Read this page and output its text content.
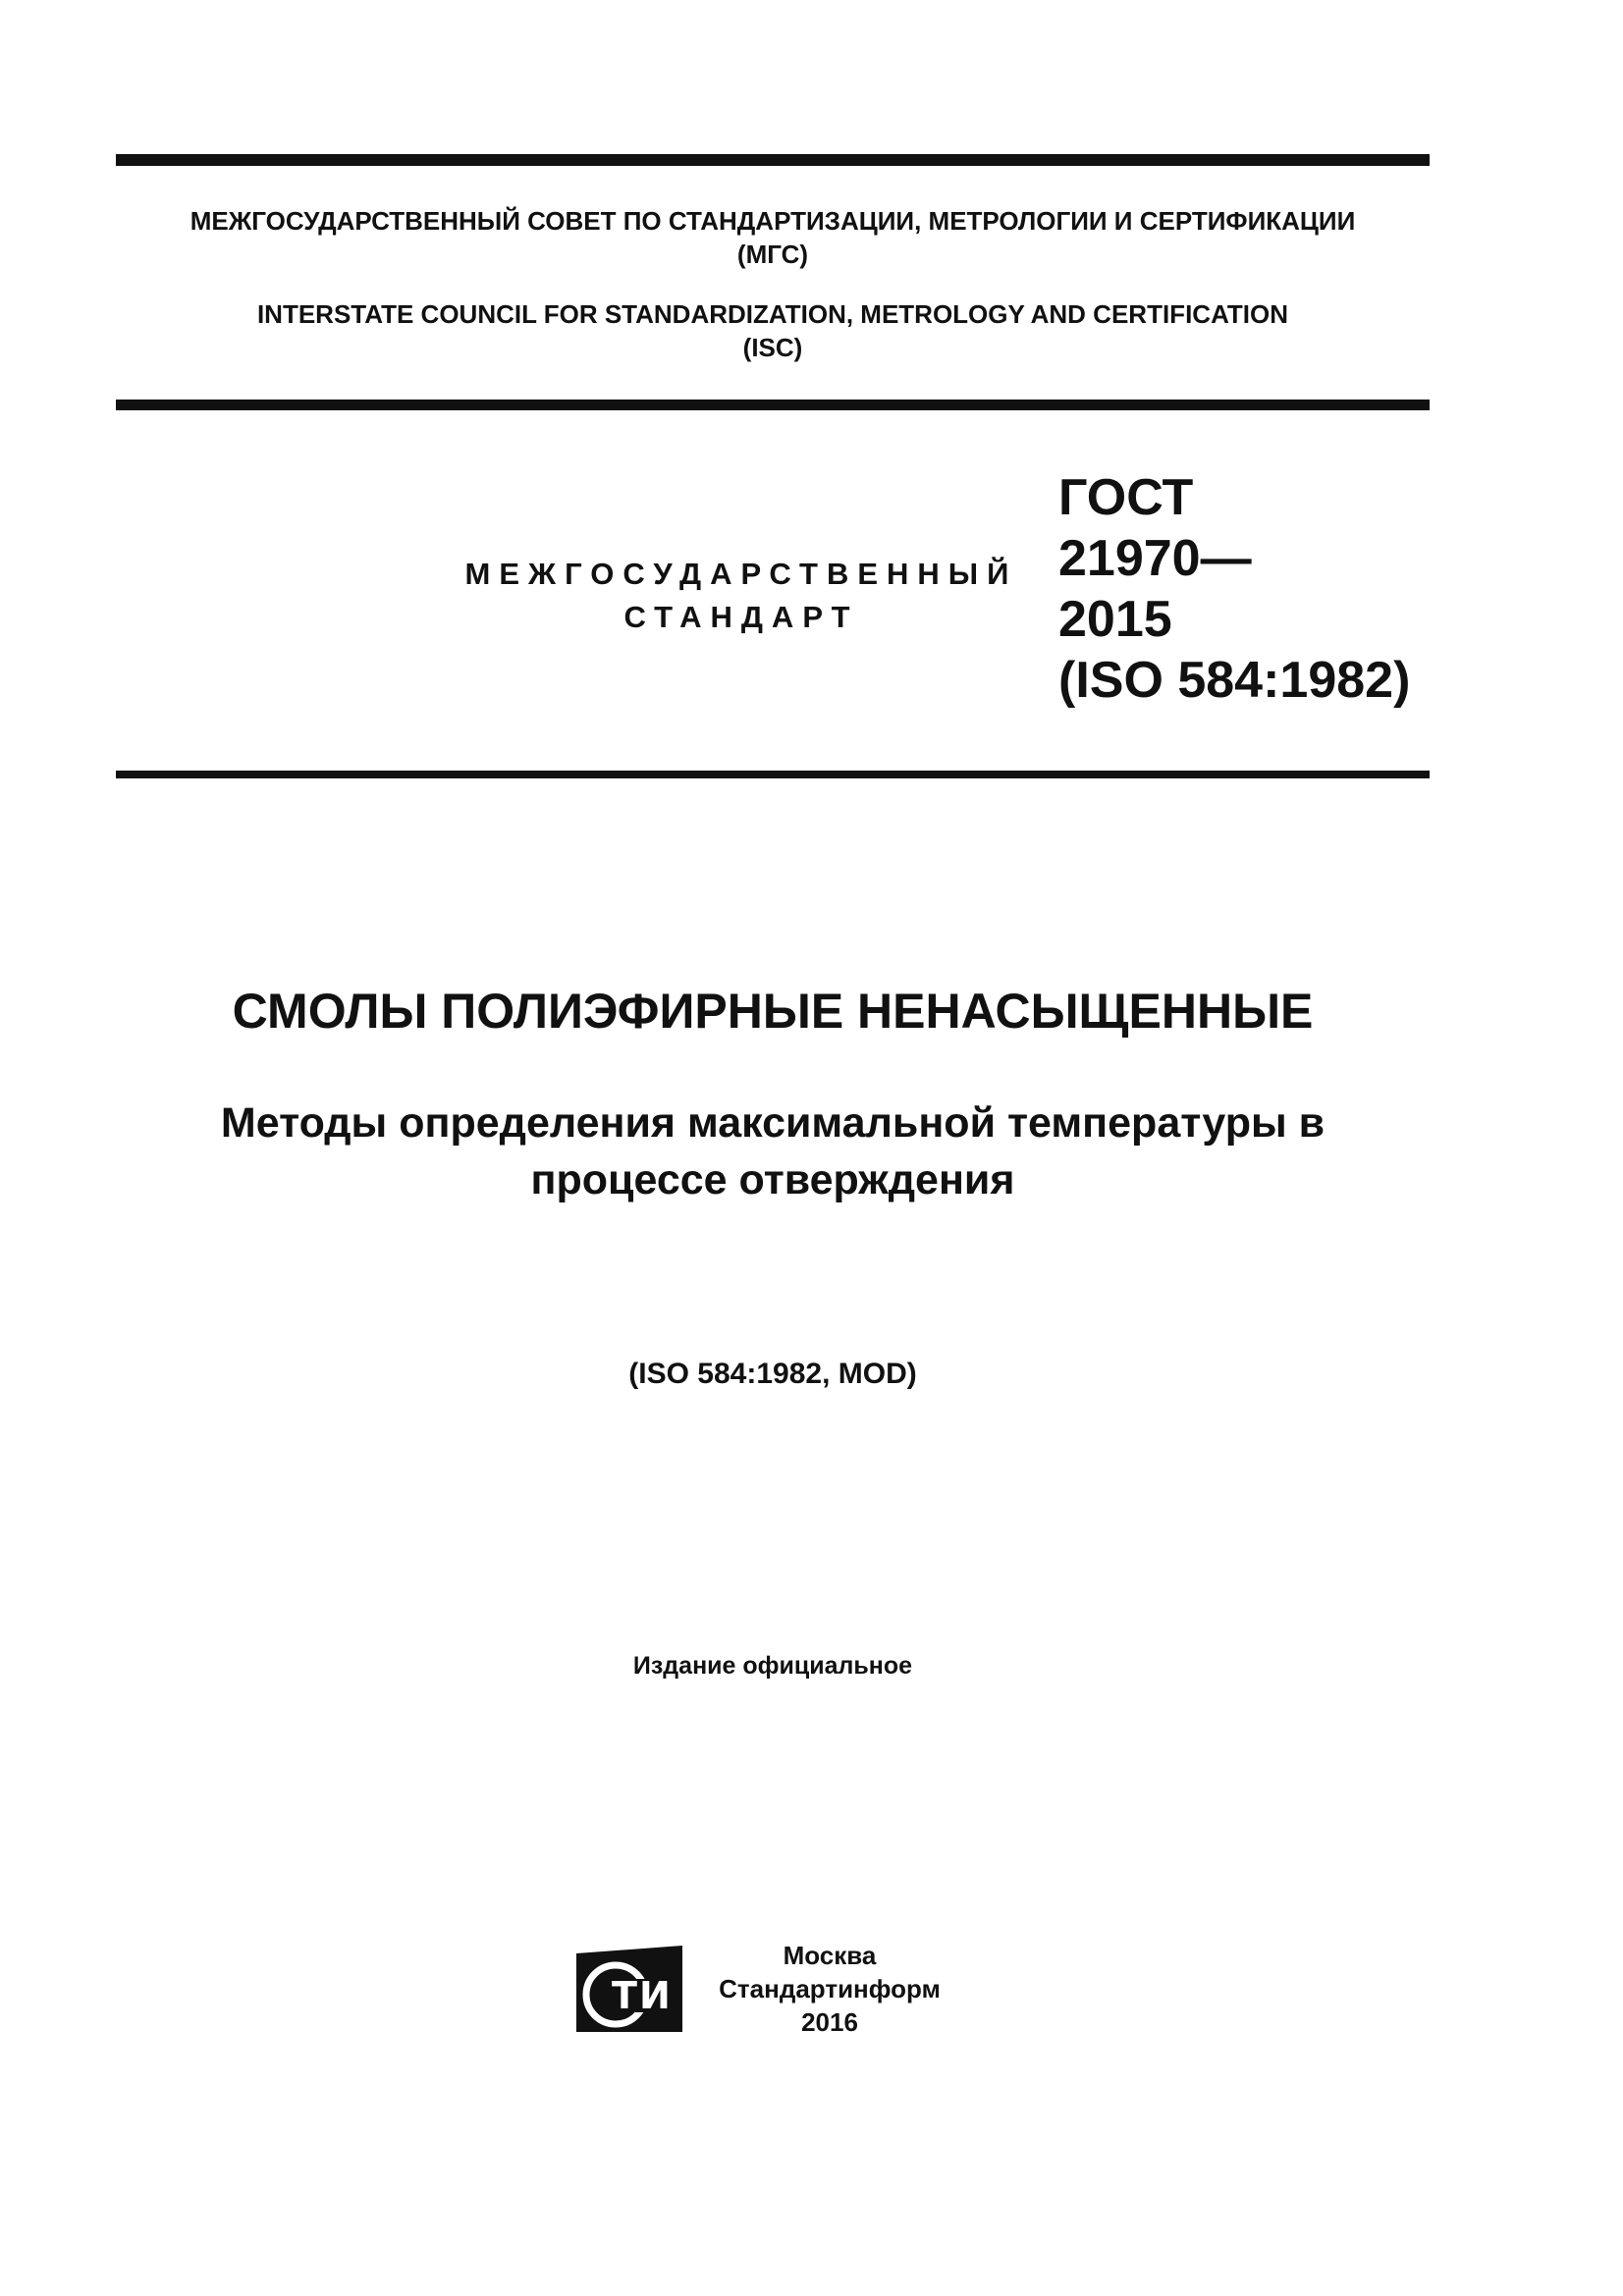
МЕЖГОСУДАРСТВЕННЫЙ СОВЕТ ПО СТАНДАРТИЗАЦИИ, МЕТРОЛОГИИ И СЕРТИФИКАЦИИ
(МГС)
INTERSTATE COUNCIL FOR STANDARDIZATION, METROLOGY AND CERTIFICATION
(ISC)
МЕЖГОСУДАРСТВЕННЫЙ
СТАНДАРТ
ГОСТ
21970—
2015
(ISO 584:1982)
СМОЛЫ ПОЛИЭФИРНЫЕ НЕНАСЫЩЕННЫЕ
Методы определения максимальной температуры в
процессе отверждения
(ISO 584:1982, MOD)
Издание официальное
Т И
Москва
Стандартинформ
2016
